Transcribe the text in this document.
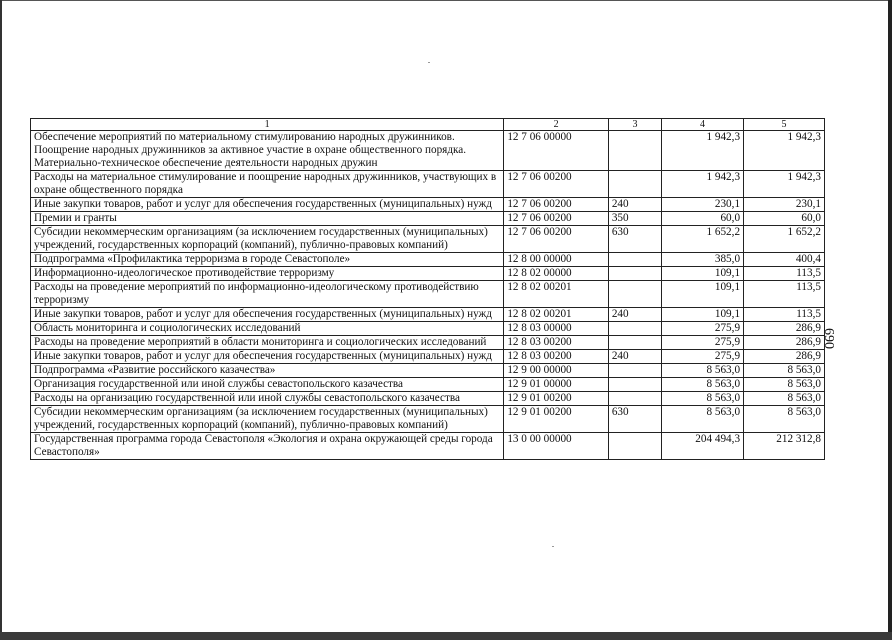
1	2	3	4	5
Обеспечение мероприятий по материальному стимулированию народных дружинников. Поощрение народных дружинников за активное участие в охране общественного порядка. Материально-техническое обеспечение деятельности народных дружин	12 7 06 00000		1 942,3	1 942,3
Расходы на материальное стимулирование и поощрение народных дружинников, участвующих в охране общественного порядка	12 7 06 00200		1 942,3	1 942,3
Иные закупки товаров, работ и услуг для обеспечения государственных (муниципальных) нужд	12 7 06 00200	240	230,1	230,1
Премии и гранты	12 7 06 00200	350	60,0	60,0
Субсидии некоммерческим организациям (за исключением государственных (муниципальных) учреждений, государственных корпораций (компаний), публично-правовых компаний)	12 7 06 00200	630	1 652,2	1 652,2
Подпрограмма «Профилактика терроризма в городе Севастополе»	12 8 00 00000		385,0	400,4
Информационно-идеологическое противодействие терроризму	12 8 02 00000		109,1	113,5
Расходы на проведение мероприятий по информационно-идеологическому противодействию терроризму	12 8 02 00201		109,1	113,5
Иные закупки товаров, работ и услуг для обеспечения государственных (муниципальных) нужд	12 8 02 00201	240	109,1	113,5
Область мониторинга и социологических исследований	12 8 03 00000		275,9	286,9
Расходы на проведение мероприятий в области мониторинга и социологических исследований	12 8 03 00200		275,9	286,9
Иные закупки товаров, работ и услуг для обеспечения государственных (муниципальных) нужд	12 8 03 00200	240	275,9	286,9
Подпрограмма «Развитие российского казачества»	12 9 00 00000		8 563,0	8 563,0
Организация государственной или иной службы севастопольского казачества	12 9 01 00000		8 563,0	8 563,0
Расходы на организацию государственной или иной службы севастопольского казачества	12 9 01 00200		8 563,0	8 563,0
Субсидии некоммерческим организациям (за исключением государственных (муниципальных) учреждений, государственных корпораций (компаний), публично-правовых компаний)	12 9 01 00200	630	8 563,0	8 563,0
Государственная программа города Севастополя «Экология и охрана окружающей среды города Севастополя»	13 0 00 00000		204 494,3	212 312,8
690
